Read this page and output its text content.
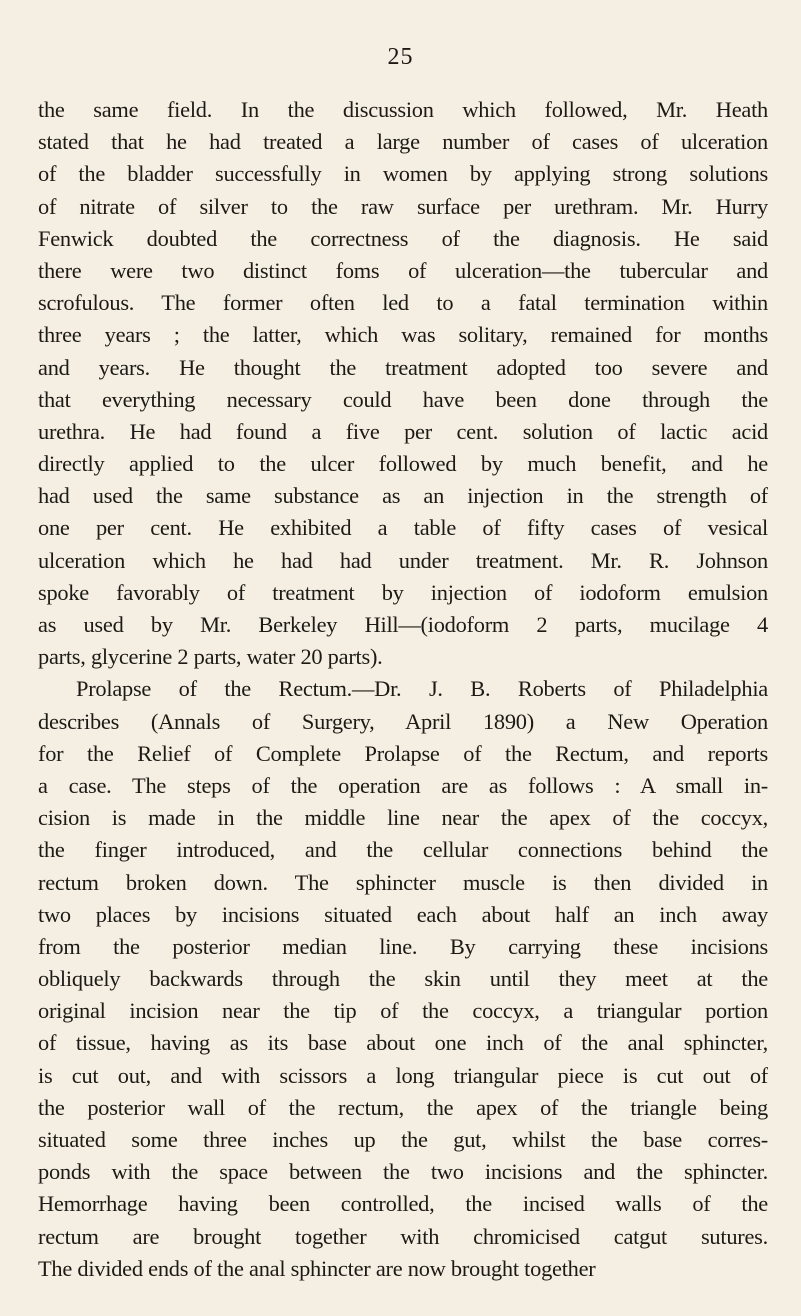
25
the same field. In the discussion which followed, Mr. Heath
stated that he had treated a large number of cases of ulceration
of the bladder successfully in women by applying strong solutions
of nitrate of silver to the raw surface per urethram. Mr. Hurry
Fenwick doubted the correctness of the diagnosis. He said
there were two distinct foms of ulceration—the tubercular and
scrofulous. The former often led to a fatal termination within
three years ; the latter, which was solitary, remained for months
and years. He thought the treatment adopted too severe and
that everything necessary could have been done through the
urethra. He had found a five per cent. solution of lactic acid
directly applied to the ulcer followed by much benefit, and he
had used the same substance as an injection in the strength of
one per cent. He exhibited a table of fifty cases of vesical
ulceration which he had had under treatment. Mr. R. Johnson
spoke favorably of treatment by injection of iodoform emulsion
as used by Mr. Berkeley Hill—(iodoform 2 parts, mucilage 4
parts, glycerine 2 parts, water 20 parts).
Prolapse of the Rectum.—Dr. J. B. Roberts of Philadelphia
describes (Annals of Surgery, April 1890) a New Operation
for the Relief of Complete Prolapse of the Rectum, and reports
a case. The steps of the operation are as follows : A small in-
cision is made in the middle line near the apex of the coccyx,
the finger introduced, and the cellular connections behind the
rectum broken down. The sphincter muscle is then divided in
two places by incisions situated each about half an inch away
from the posterior median line. By carrying these incisions
obliquely backwards through the skin until they meet at the
original incision near the tip of the coccyx, a triangular portion
of tissue, having as its base about one inch of the anal sphincter,
is cut out, and with scissors a long triangular piece is cut out of
the posterior wall of the rectum, the apex of the triangle being
situated some three inches up the gut, whilst the base corres-
ponds with the space between the two incisions and the sphincter.
Hemorrhage having been controlled, the incised walls of the
rectum are brought together with chromicised catgut sutures.
The divided ends of the anal sphincter are now brought together
